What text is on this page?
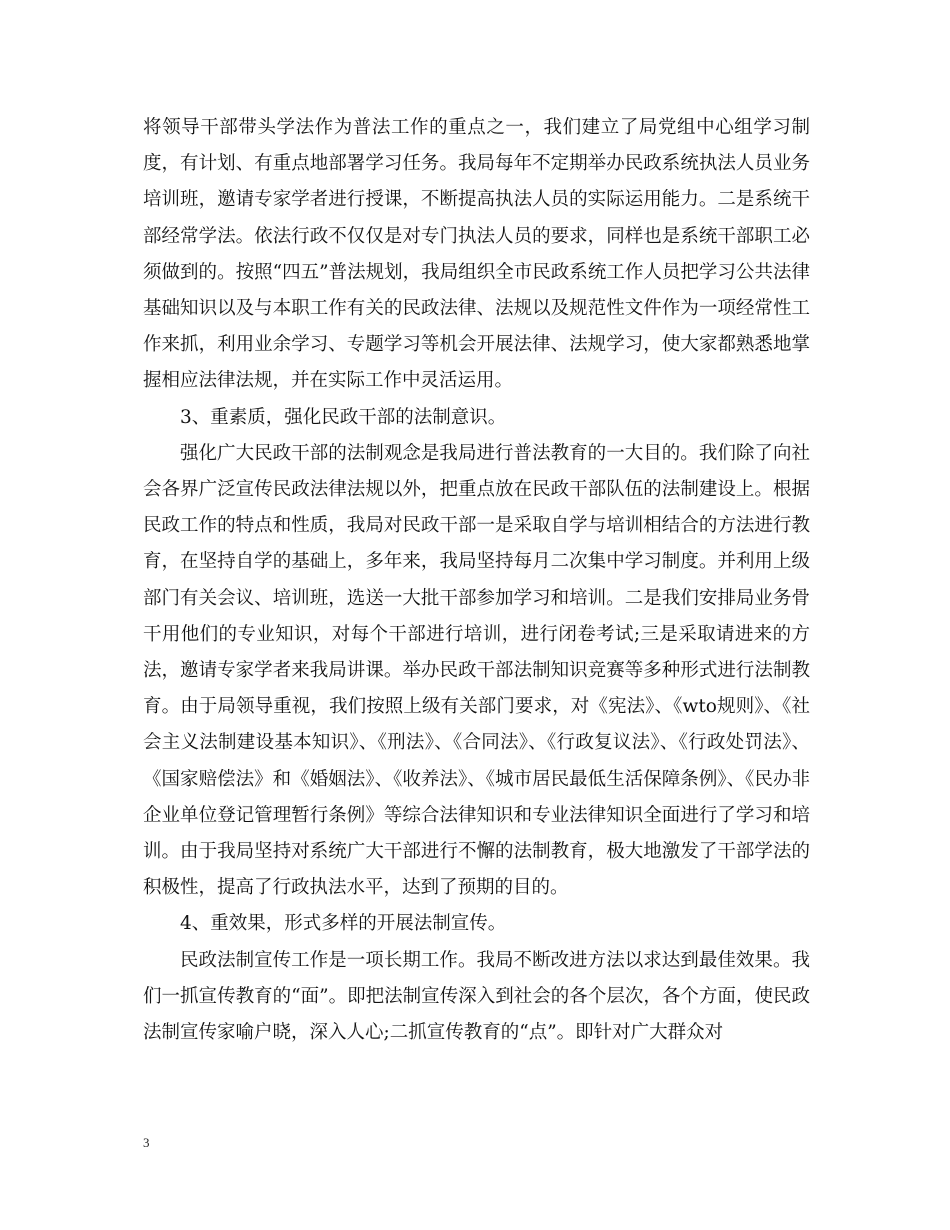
将领导干部带头学法作为普法工作的重点之一，我们建立了局党组中心组学习制度，有计划、有重点地部署学习任务。我局每年不定期举办民政系统执法人员业务培训班，邀请专家学者进行授课，不断提高执法人员的实际运用能力。二是系统干部经常学法。依法行政不仅仅是对专门执法人员的要求，同样也是系统干部职工必须做到的。按照“四五”普法规划，我局组织全市民政系统工作人员把学习公共法律基础知识以及与本职工作有关的民政法律、法规以及规范性文件作为一项经常性工作来抓，利用业余学习、专题学习等机会开展法律、法规学习，使大家都熟悉地掌握相应法律法规，并在实际工作中灵活运用。

3、重素质，强化民政干部的法制意识。

强化广大民政干部的法制观念是我局进行普法教育的一大目的。我们除了向社会各界广泛宣传民政法律法规以外，把重点放在民政干部队伍的法制建设上。根据民政工作的特点和性质，我局对民政干部一是采取自学与培训相结合的方法进行教育，在坚持自学的基础上，多年来，我局坚持每月二次集中学习制度。并利用上级部门有关会议、培训班，选送一大批干部参加学习和培训。二是我们安排局业务骨干用他们的专业知识，对每个干部进行培训，进行闭卷考试;三是采取请进来的方法，邀请专家学者来我局讲课。举办民政干部法制知识竞赛等多种形式进行法制教育。由于局领导重视，我们按照上级有关部门要求，对《宪法》、《wto规则》、《社会主义法制建设基本知识》、《刑法》、《合同法》、《行政复议法》、《行政处罚法》、《国家赔偿法》和《婚姻法》、《收养法》、《城市居民最低生活保障条例》、《民办非企业单位登记管理暂行条例》等综合法律知识和专业法律知识全面进行了学习和培训。由于我局坚持对系统广大干部进行不懈的法制教育，极大地激发了干部学法的积极性，提高了行政执法水平，达到了预期的目的。

4、重效果，形式多样的开展法制宣传。

民政法制宣传工作是一项长期工作。我局不断改进方法以求达到最佳效果。我们一抓宣传教育的“面”。即把法制宣传深入到社会的各个层次，各个方面，使民政法制宣传家喻户晓，深入人心;二抓宣传教育的“点”。即针对广大群众对

3
